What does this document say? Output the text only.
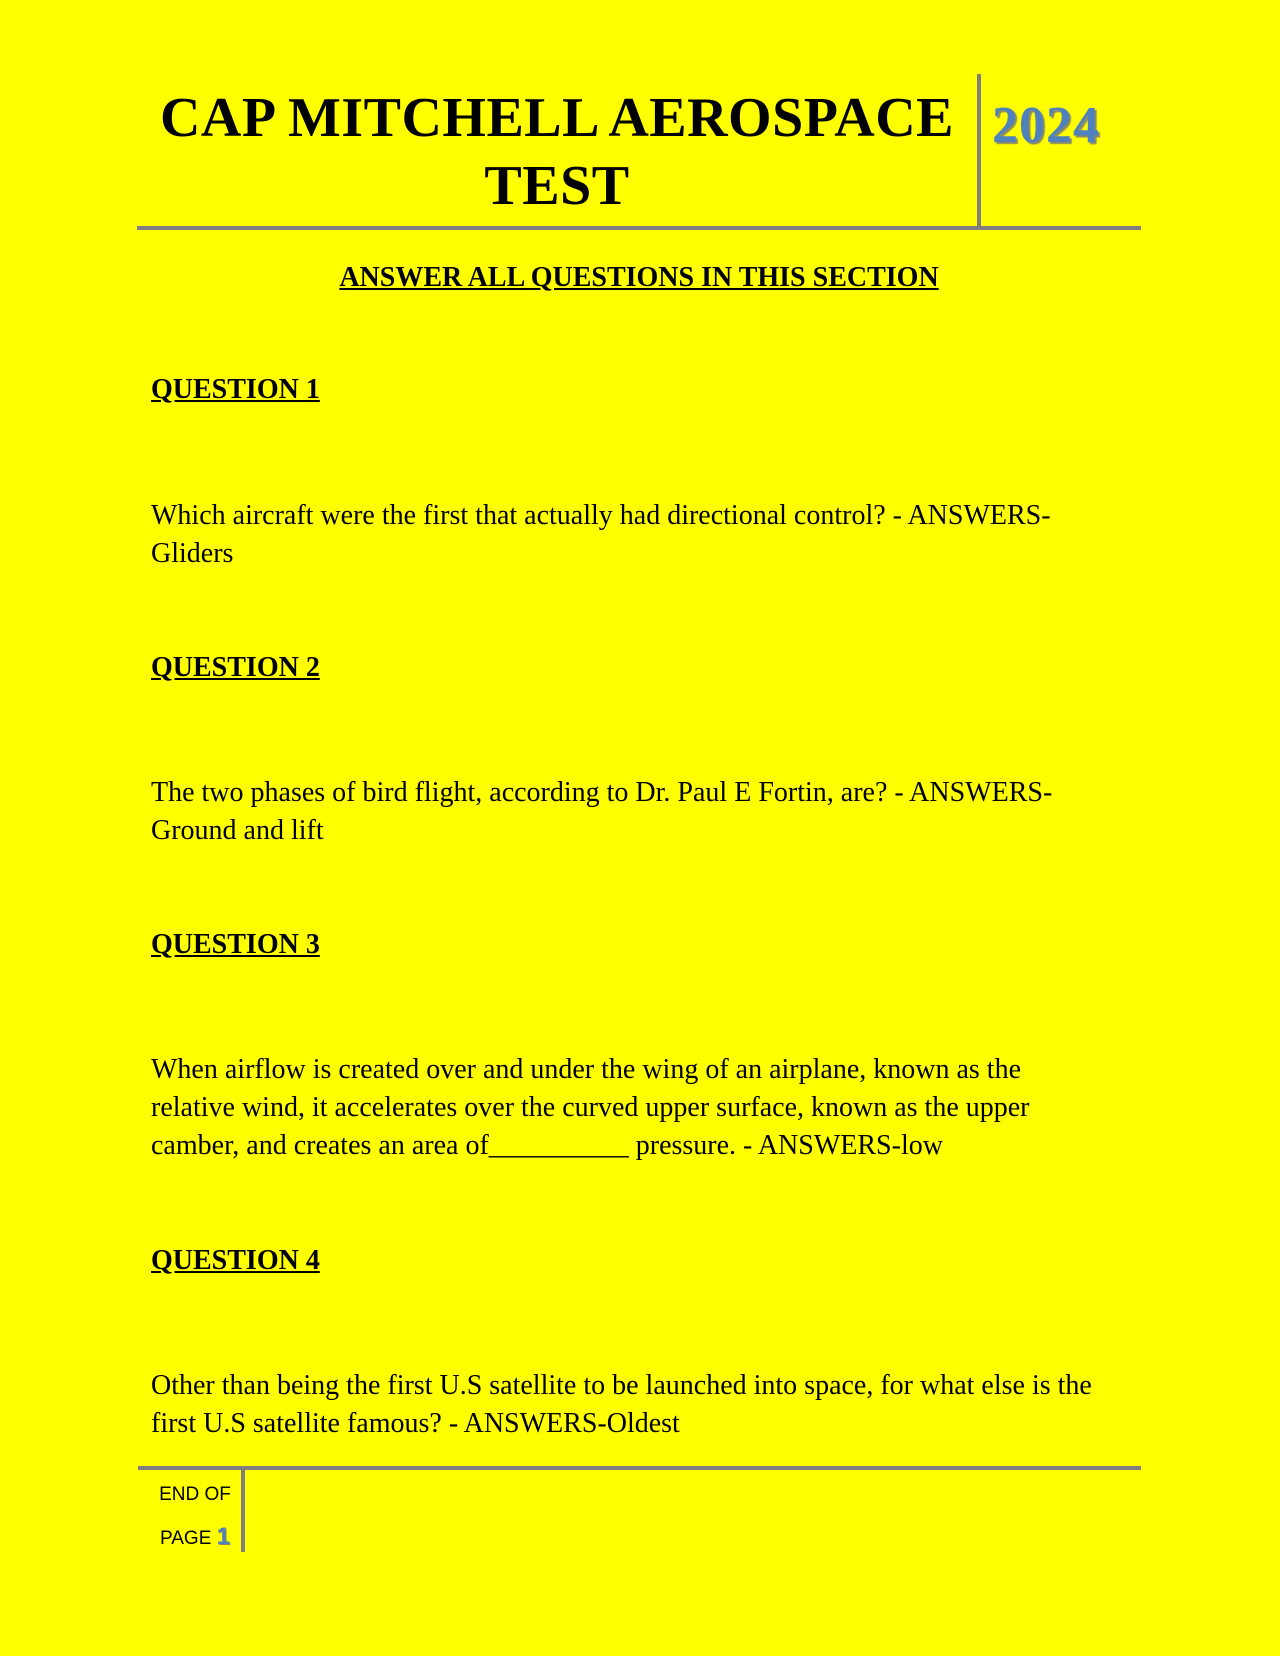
CAP MITCHELL AEROSPACE TEST
2024
ANSWER ALL QUESTIONS IN THIS SECTION
QUESTION 1
Which aircraft were the first that actually had directional control? - ANSWERS-Gliders
QUESTION 2
The two phases of bird flight, according to Dr. Paul E Fortin, are? - ANSWERS-Ground and lift
QUESTION 3
When airflow is created over and under the wing of an airplane, known as the relative wind, it accelerates over the curved upper surface, known as the upper camber, and creates an area of__________ pressure. - ANSWERS-low
QUESTION 4
Other than being the first U.S satellite to be launched into space, for what else is the first U.S satellite famous? - ANSWERS-Oldest
END OF
PAGE 1
